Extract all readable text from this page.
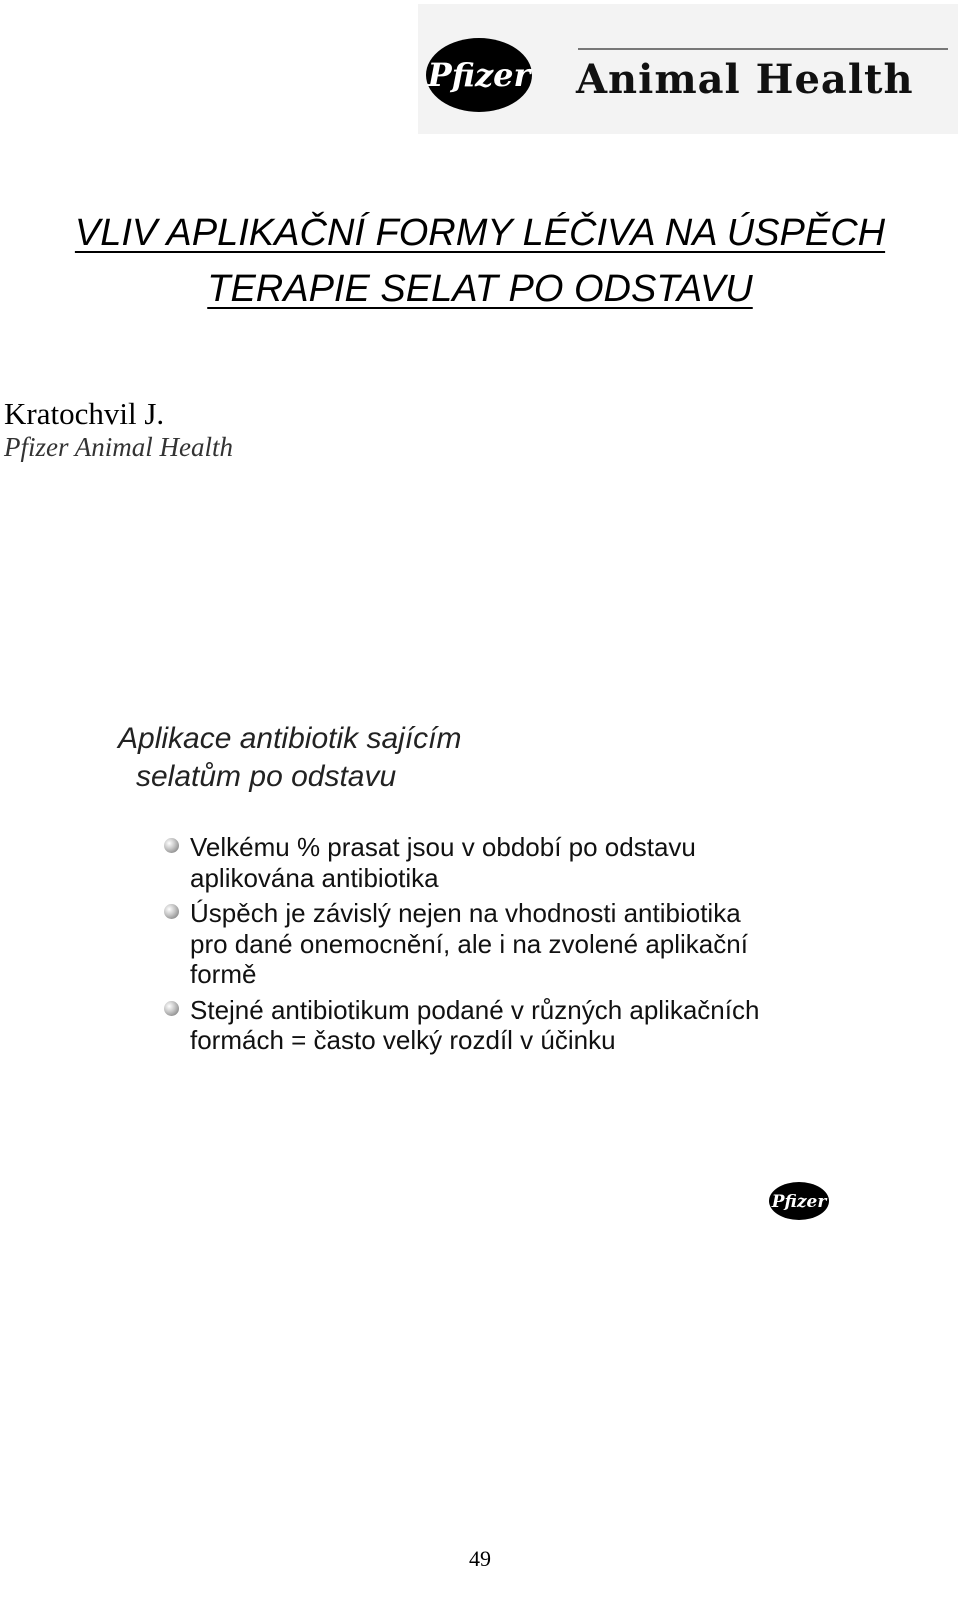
Pfizer Animal Health
VLIV APLIKAČNÍ FORMY LÉČIVA NA ÚSPĚCH
TERAPIE SELAT PO ODSTAVU
Kratochvil J.
Pfizer Animal Health
Aplikace antibiotik sajícím
selatům po odstavu
Velkému % prasat jsou v období po odstavu aplikována antibiotika
Úspěch je závislý nejen na vhodnosti antibiotika pro dané onemocnění, ale i na zvolené aplikační formě
Stejné antibiotikum podané v různých aplikačních formách = často velký rozdíl v účinku
Pfizer
49
